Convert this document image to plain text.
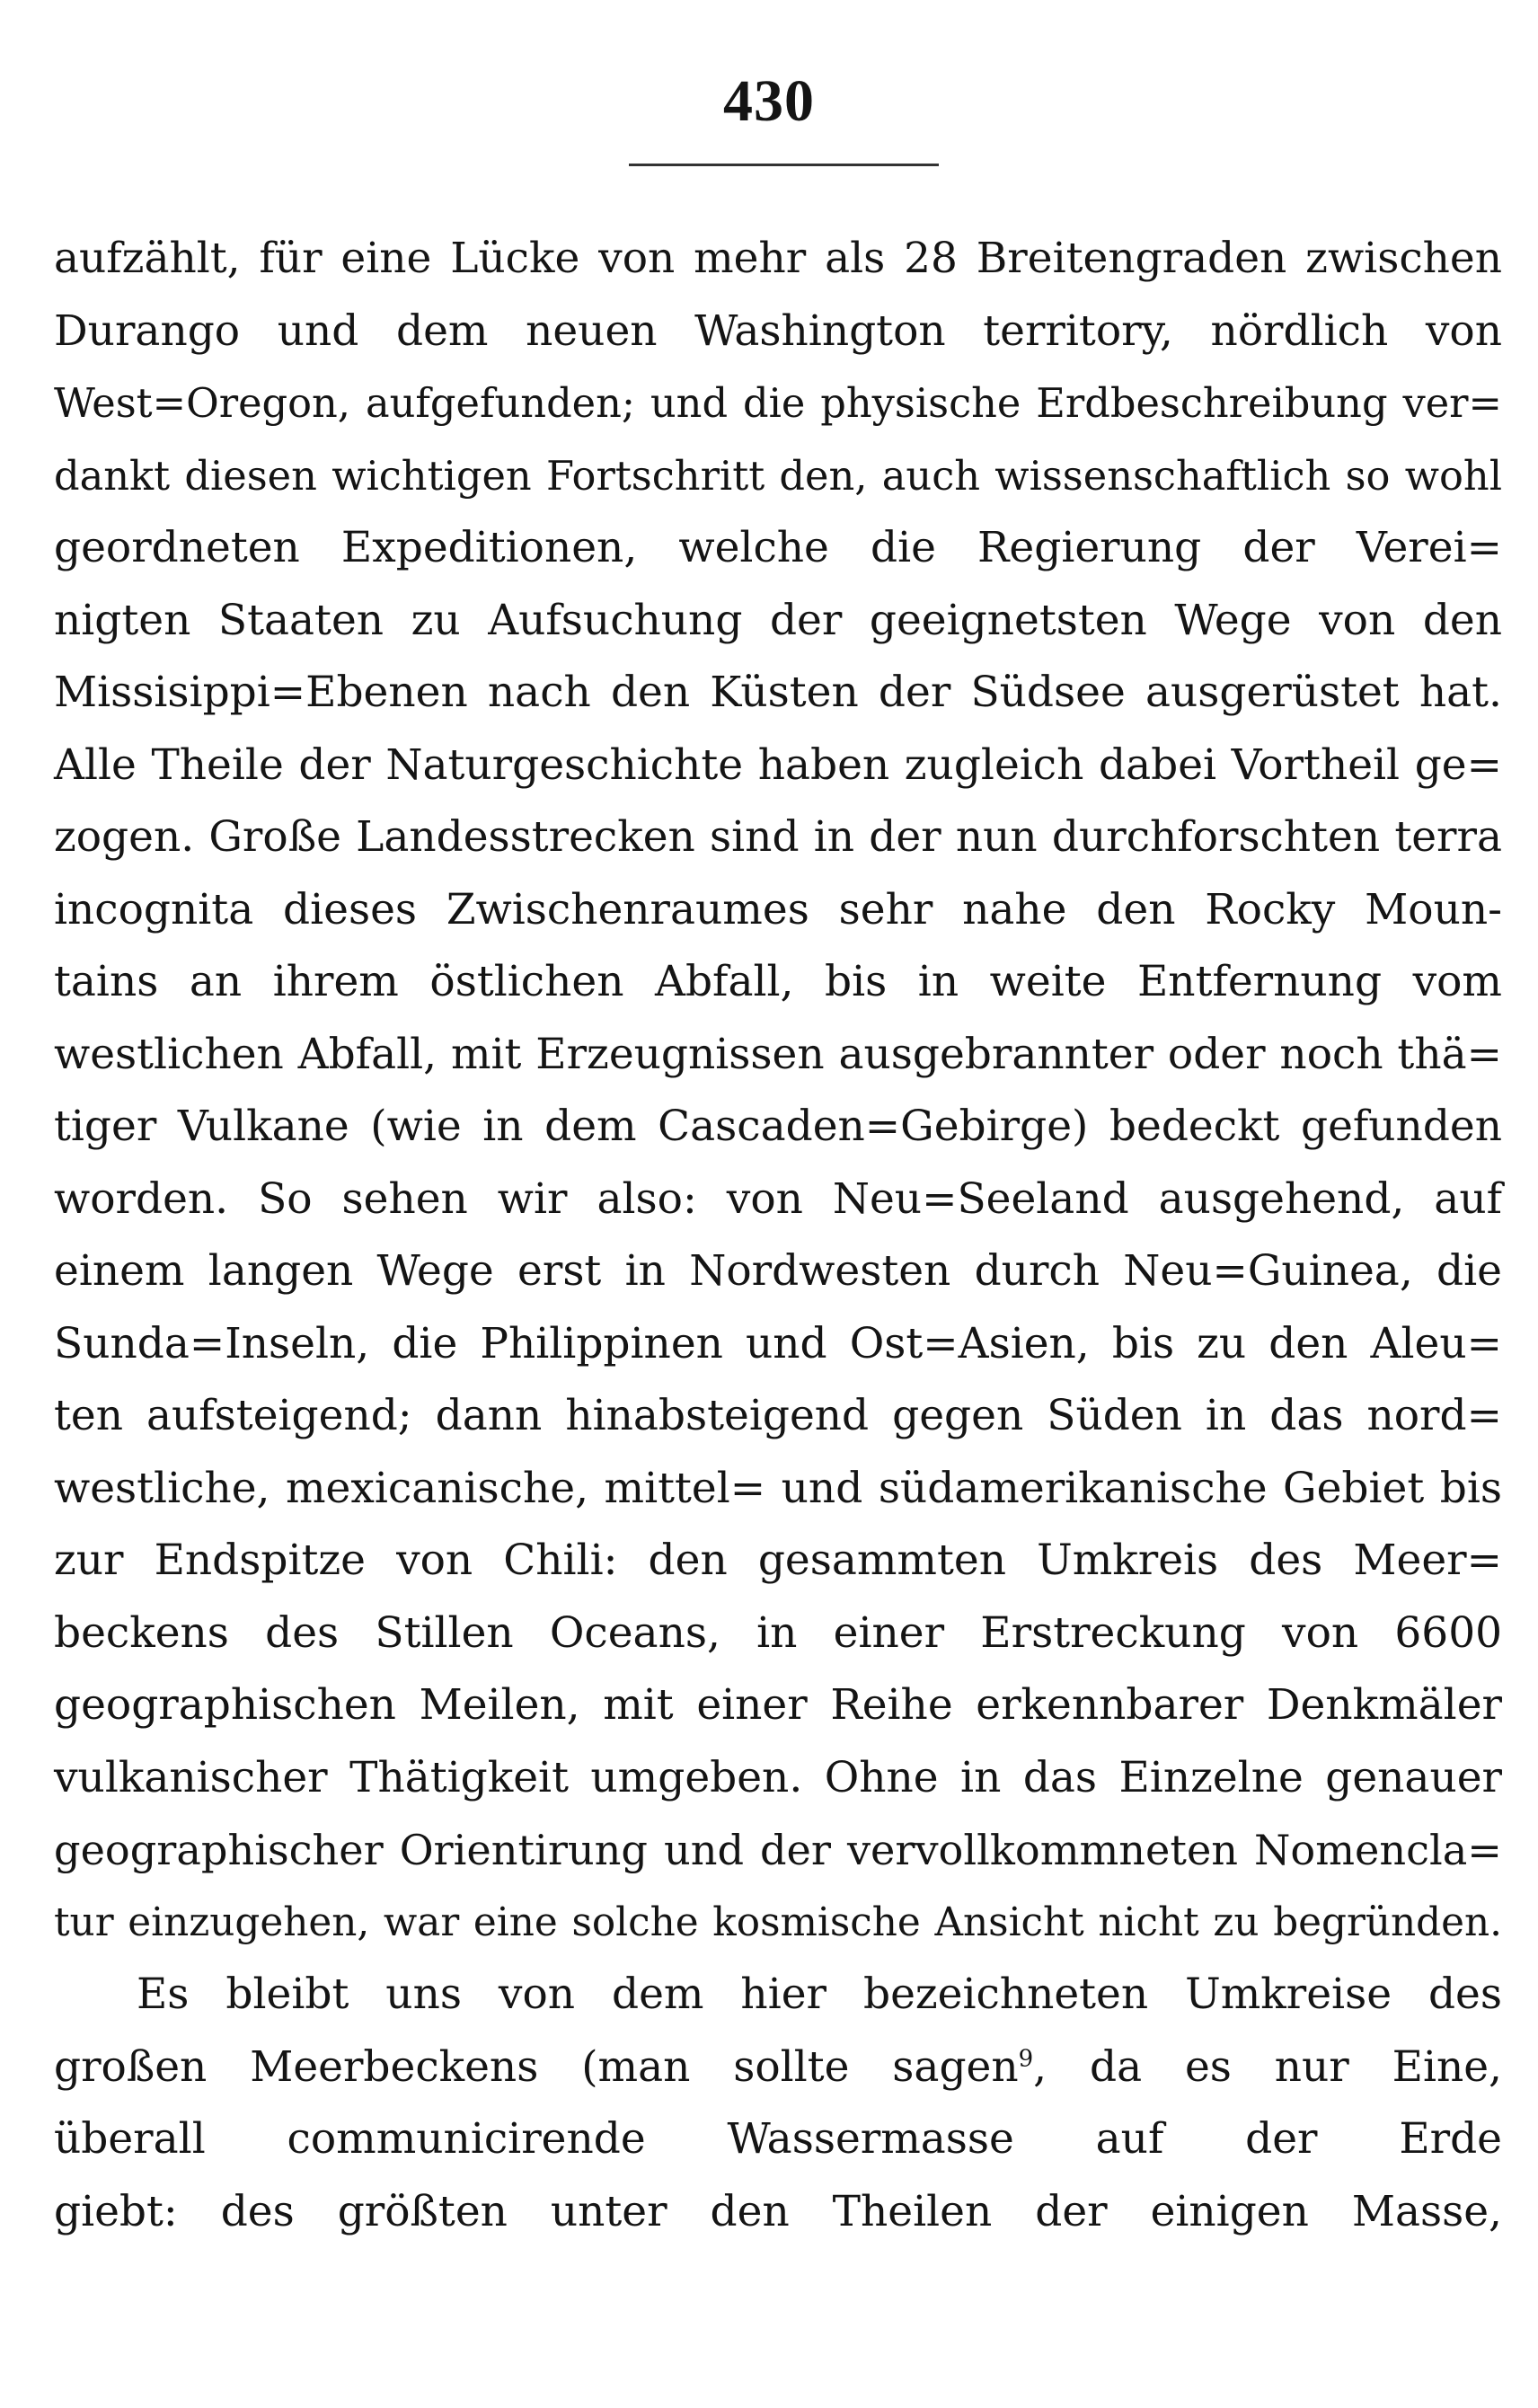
430
aufzählt, für eine Lücke von mehr als 28 Breitengraden zwischen
Durango und dem neuen Washington territory, nördlich von
West=Oregon, aufgefunden; und die physische Erdbeschreibung ver=
dankt diesen wichtigen Fortschritt den, auch wissenschaftlich so wohl
geordneten Expeditionen, welche die Regierung der Verei=
nigten Staaten zu Aufsuchung der geeignetsten Wege von den
Missisippi=Ebenen nach den Küsten der Südsee ausgerüstet hat.
Alle Theile der Naturgeschichte haben zugleich dabei Vortheil ge=
zogen. Große Landesstrecken sind in der nun durchforschten terra
incognita dieses Zwischenraumes sehr nahe den Rocky Moun-
tains an ihrem östlichen Abfall, bis in weite Entfernung vom
westlichen Abfall, mit Erzeugnissen ausgebrannter oder noch thä=
tiger Vulkane (wie in dem Cascaden=Gebirge) bedeckt gefunden
worden. So sehen wir also: von Neu=Seeland ausgehend, auf
einem langen Wege erst in Nordwesten durch Neu=Guinea, die
Sunda=Inseln, die Philippinen und Ost=Asien, bis zu den Aleu=
ten aufsteigend; dann hinabsteigend gegen Süden in das nord=
westliche, mexicanische, mittel= und südamerikanische Gebiet bis
zur Endspitze von Chili: den gesammten Umkreis des Meer=
beckens des Stillen Oceans, in einer Erstreckung von 6600
geographischen Meilen, mit einer Reihe erkennbarer Denkmäler
vulkanischer Thätigkeit umgeben. Ohne in das Einzelne genauer
geographischer Orientirung und der vervollkommneten Nomencla=
tur einzugehen, war eine solche kosmische Ansicht nicht zu begründen.
Es bleibt uns von dem hier bezeichneten Umkreise des
großen Meerbeckens (man sollte sagen$^9$, da es nur Eine,
überall communicirende Wassermasse auf der Erde
giebt: des größten unter den Theilen der einigen Masse,
